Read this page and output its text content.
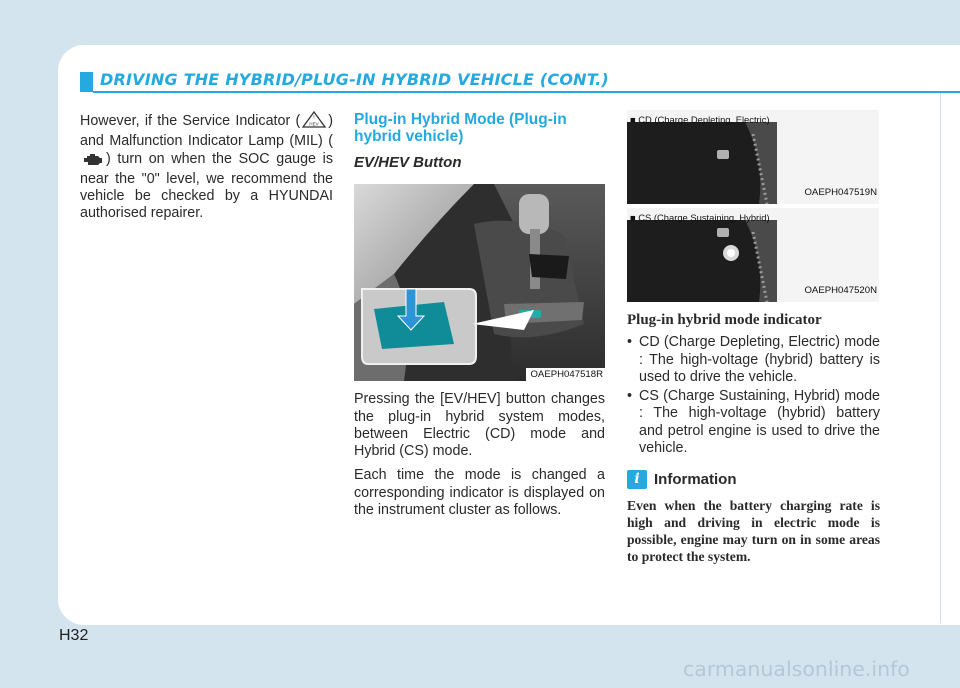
DRIVING THE HYBRID/PLUG-IN HYBRID VEHICLE (CONT.)

However, if the Service Indicator (	!
HEV ) and Malfunction Indicator Lamp (MIL) () turn on when the SOC gauge is near the "0" level, we recommend the vehicle be checked by a HYUNDAI authorised repairer.

Plug-in Hybrid Mode (Plug-in hybrid vehicle)
EV/HEV Button
OAEPH047518R

Pressing the [EV/HEV] button changes the plug-in hybrid system modes, between Electric (CD) mode and Hybrid (CS) mode.

Each time the mode is changed a corresponding indicator is displayed on the instrument cluster as follows.

■ CD (Charge Depleting, Electric)
OAEPH047519N
■ CS (Charge Sustaining, Hybrid)
OAEPH047520N
Plug-in hybrid mode indicator
• CD (Charge Depleting, Electric) mode : The high-voltage (hybrid) battery is used to drive the vehicle.
• CS (Charge Sustaining, Hybrid) mode : The high-voltage (hybrid) battery and petrol engine is used to drive the vehicle.
i Information
Even when the battery charging rate is high and driving in electric mode is possible, engine may turn on in some areas to protect the system.
H32
carmanualsonline.info
